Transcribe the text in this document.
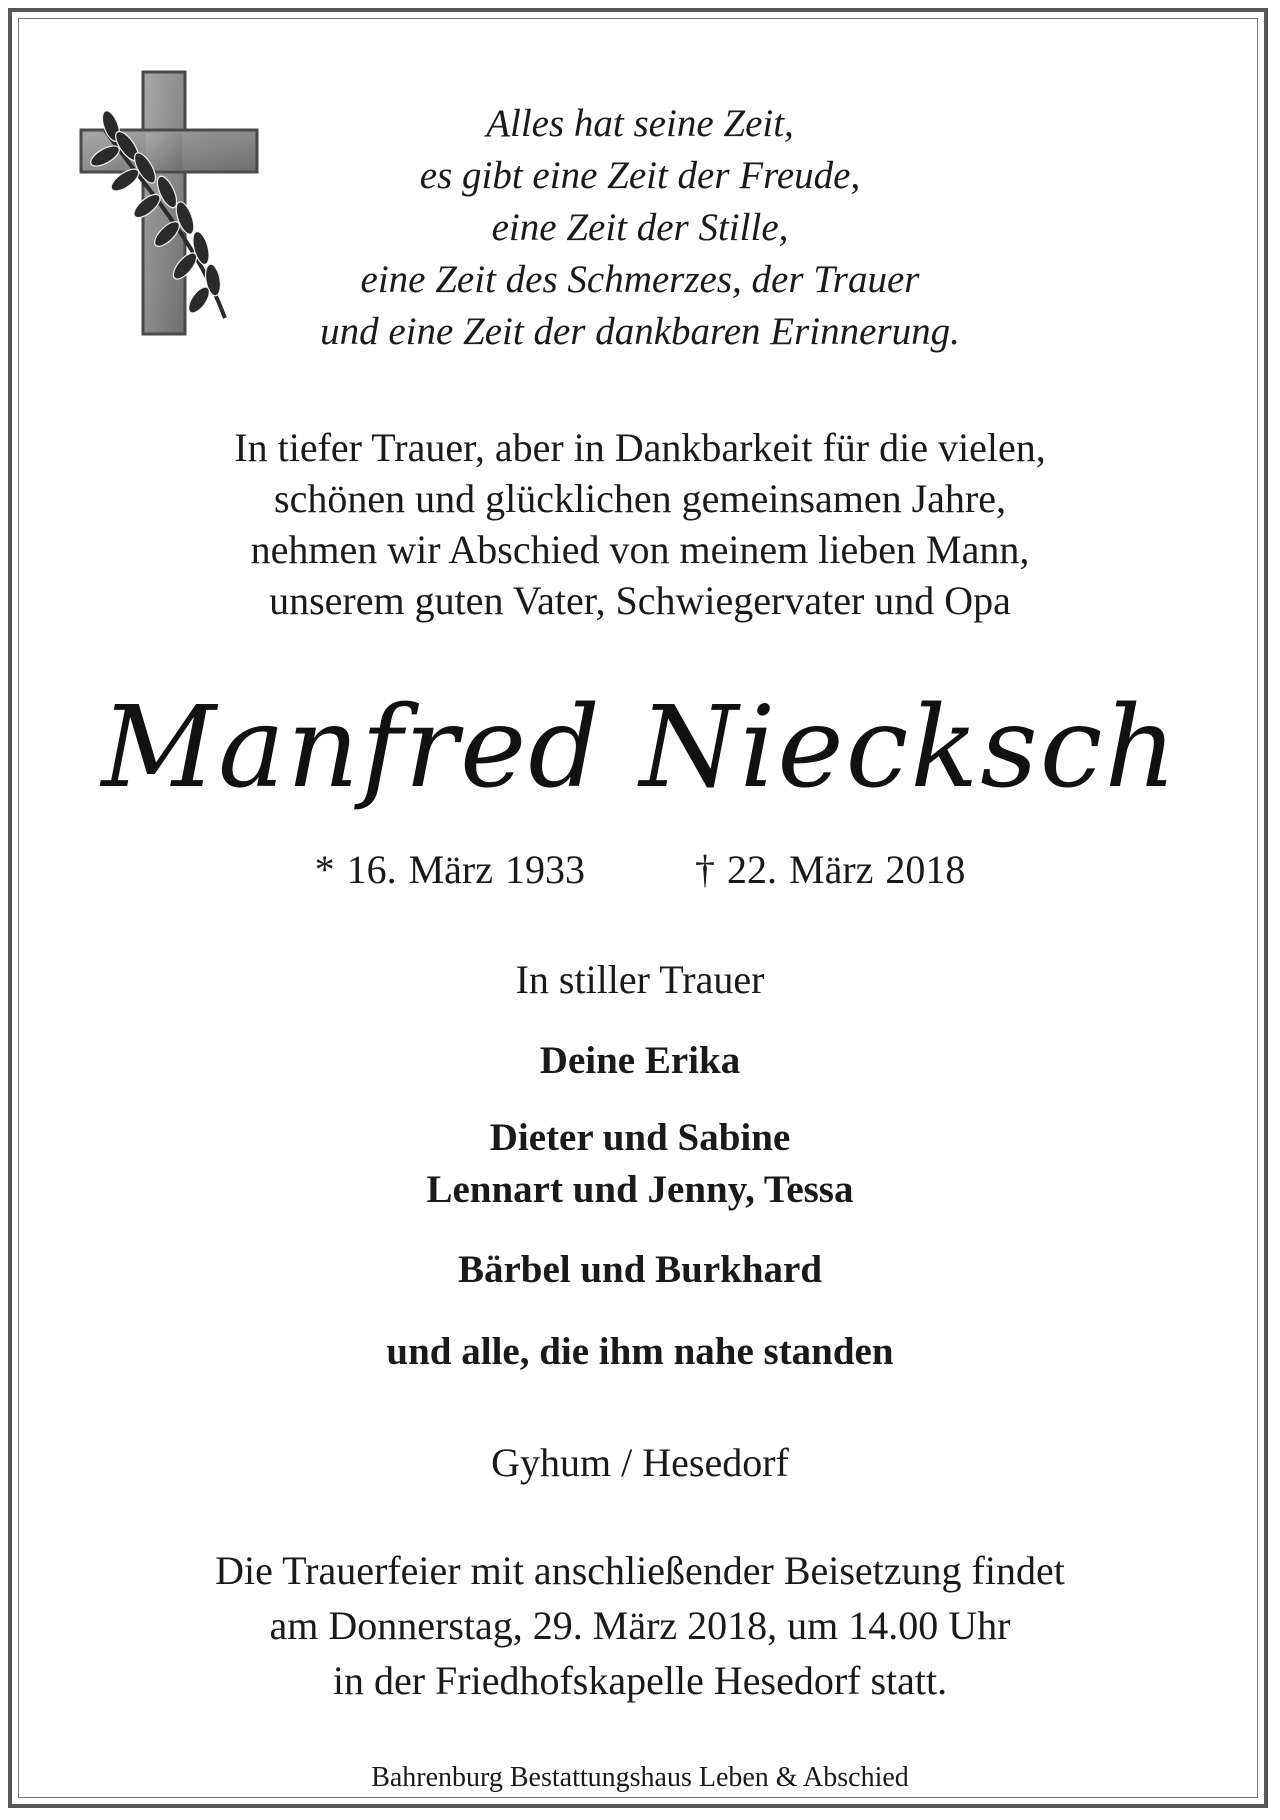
Alles hat seine Zeit,
es gibt eine Zeit der Freude,
eine Zeit der Stille,
eine Zeit des Schmerzes, der Trauer
und eine Zeit der dankbaren Erinnerung.
In tiefer Trauer, aber in Dankbarkeit für die vielen,
schönen und glücklichen gemeinsamen Jahre,
nehmen wir Abschied von meinem lieben Mann,
unserem guten Vater, Schwiegervater und Opa
Manfred Niecksch
* 16. März 1933	† 22. März 2018
In stiller Trauer
Deine Erika
Dieter und Sabine
Lennart und Jenny, Tessa
Bärbel und Burkhard
und alle, die ihm nahe standen
Gyhum / Hesedorf
Die Trauerfeier mit anschließender Beisetzung findet
am Donnerstag, 29. März 2018, um 14.00 Uhr
in der Friedhofskapelle Hesedorf statt.
Bahrenburg Bestattungshaus Leben & Abschied
